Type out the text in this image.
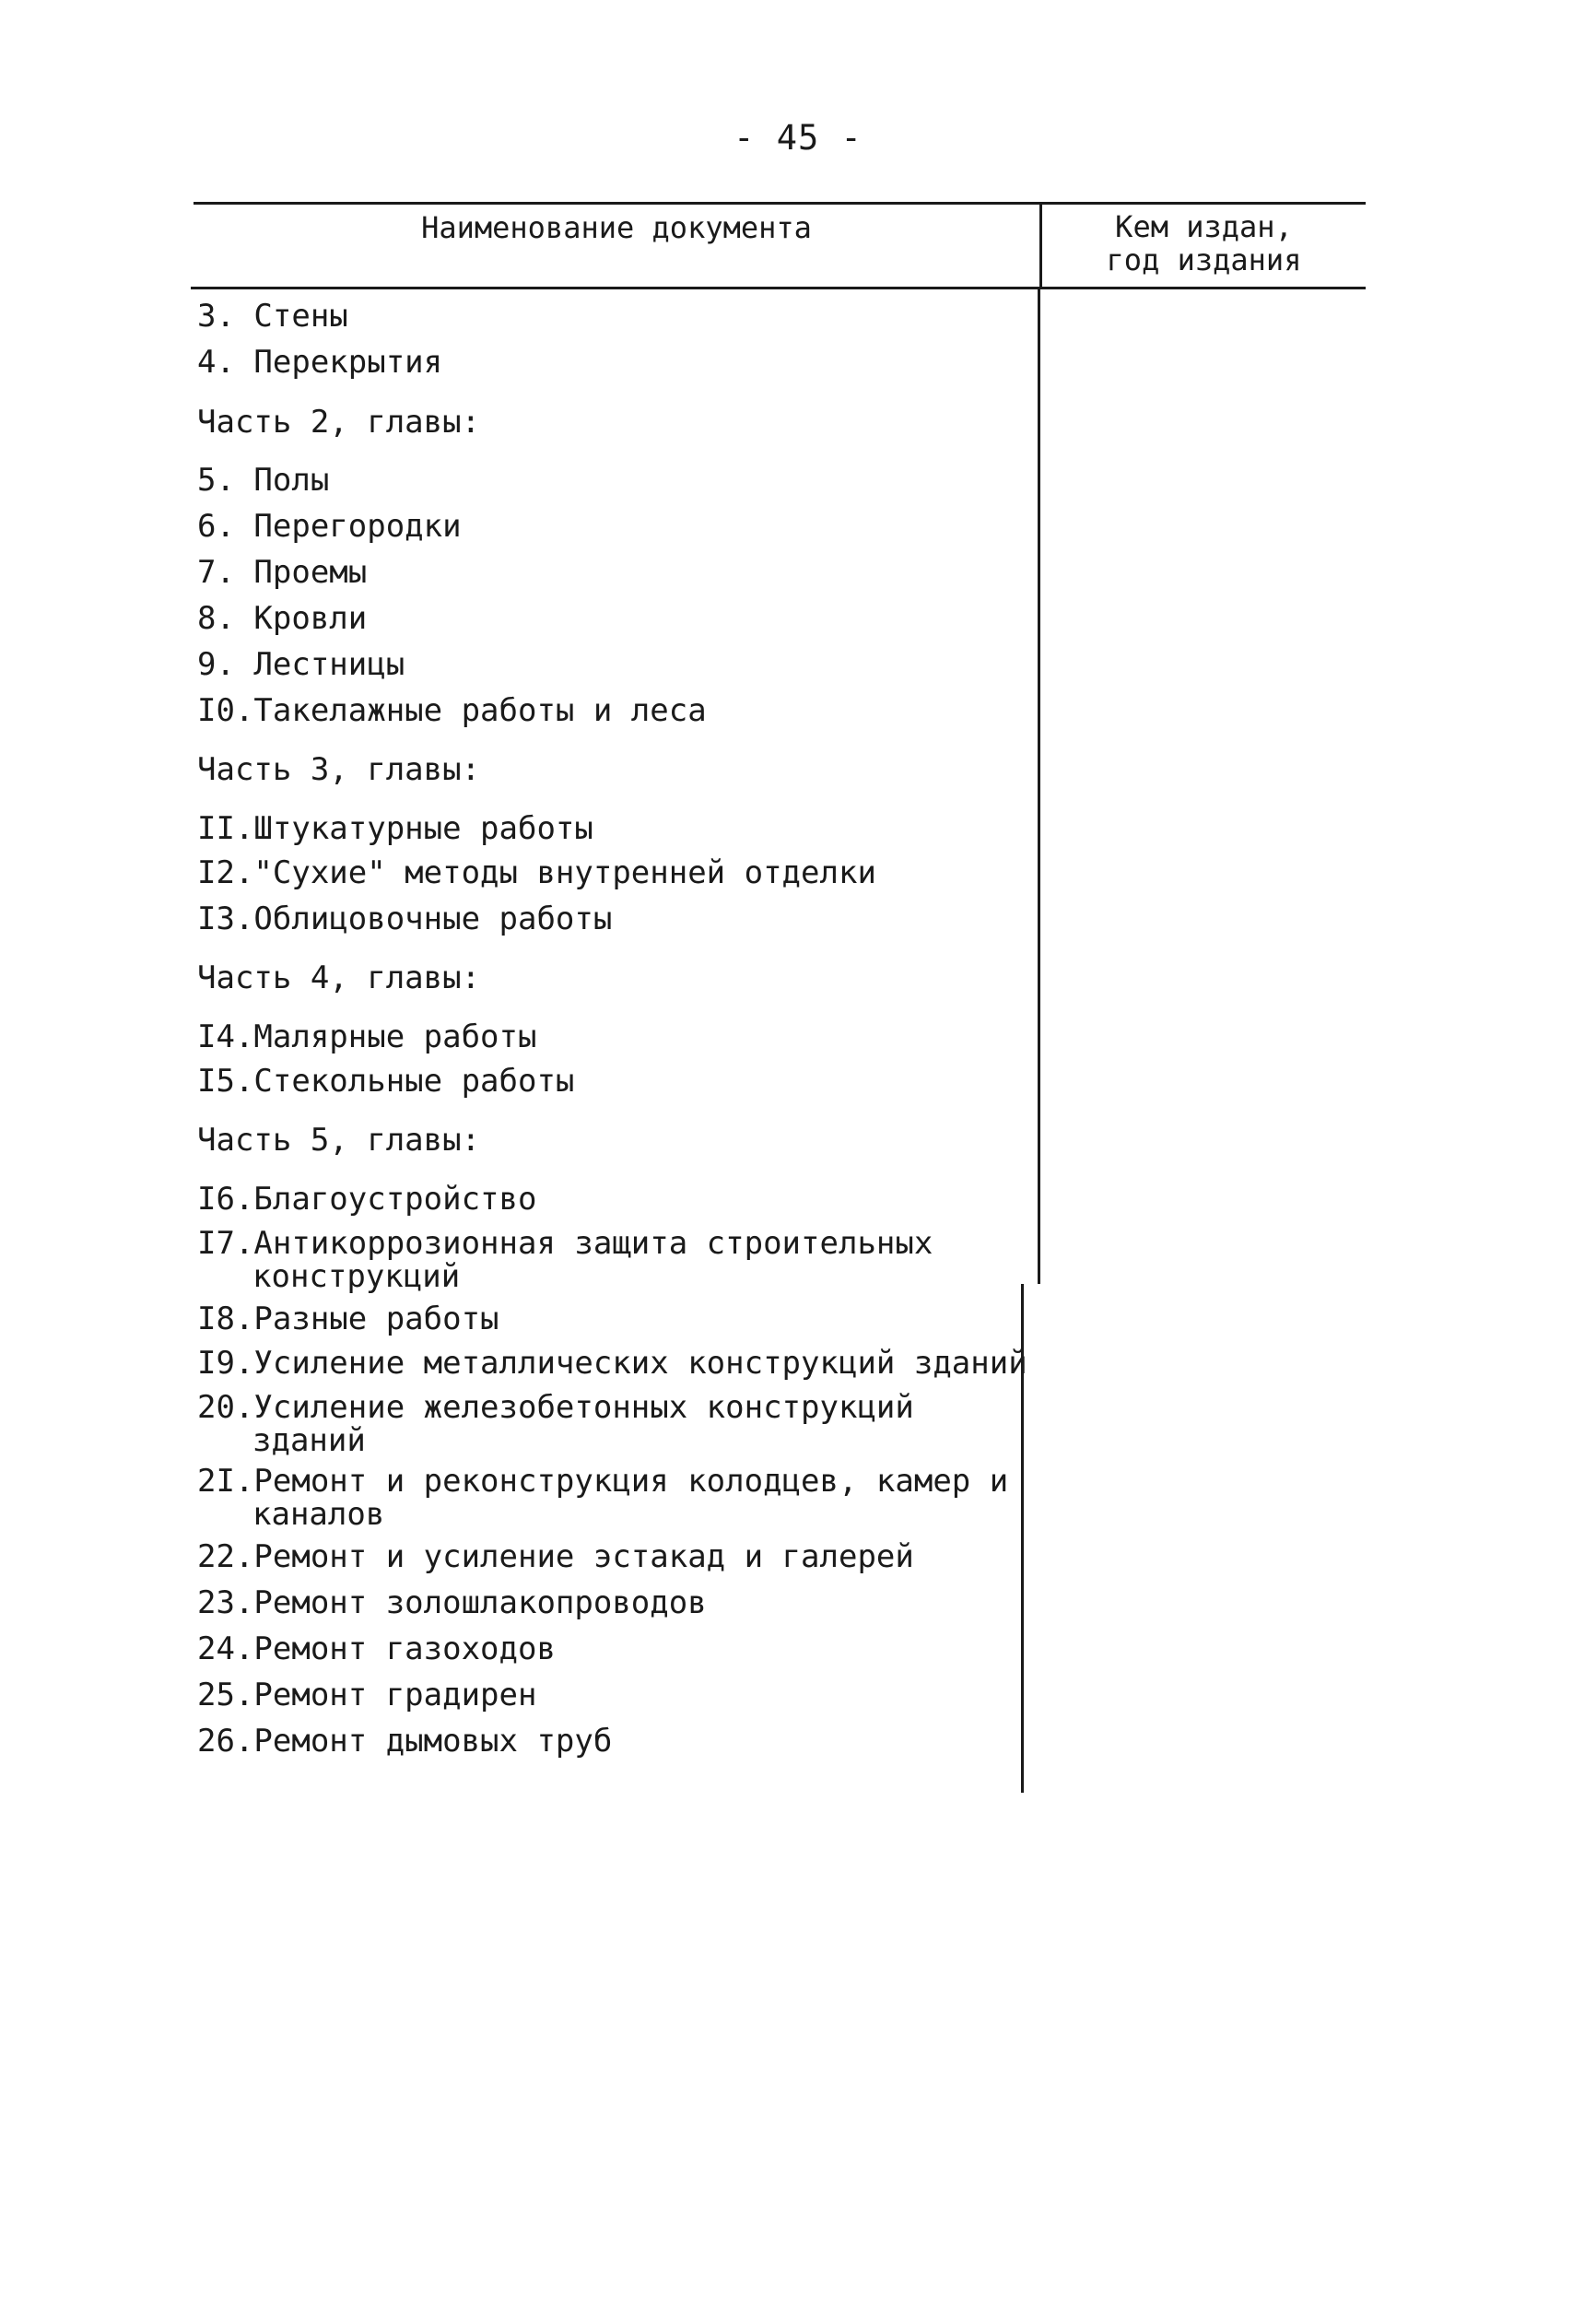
- 45 -
Наименование документа	Кем издан,
год издания
3. Стены
4. Перекрытия
Часть 2, главы:
5. Полы
6. Перегородки
7. Проемы
8. Кровли
9. Лестницы
I0.Такелажные работы и леса
Часть 3, главы:
II.Штукатурные работы
I2."Сухие" методы внутренней отделки
I3.Облицовочные работы
Часть 4, главы:
I4.Малярные работы
I5.Стекольные работы
Часть 5, главы:
I6.Благоустройство
I7.Антикоррозионная защита строительных
конструкций
I8.Разные работы
I9.Усиление металлических конструкций зданий
20.Усиление железобетонных конструкций
зданий
2I.Ремонт и реконструкция колодцев, камер и
каналов
22.Ремонт и усиление эстакад и галерей
23.Ремонт золошлакопроводов
24.Ремонт газоходов
25.Ремонт градирен
26.Ремонт дымовых труб
